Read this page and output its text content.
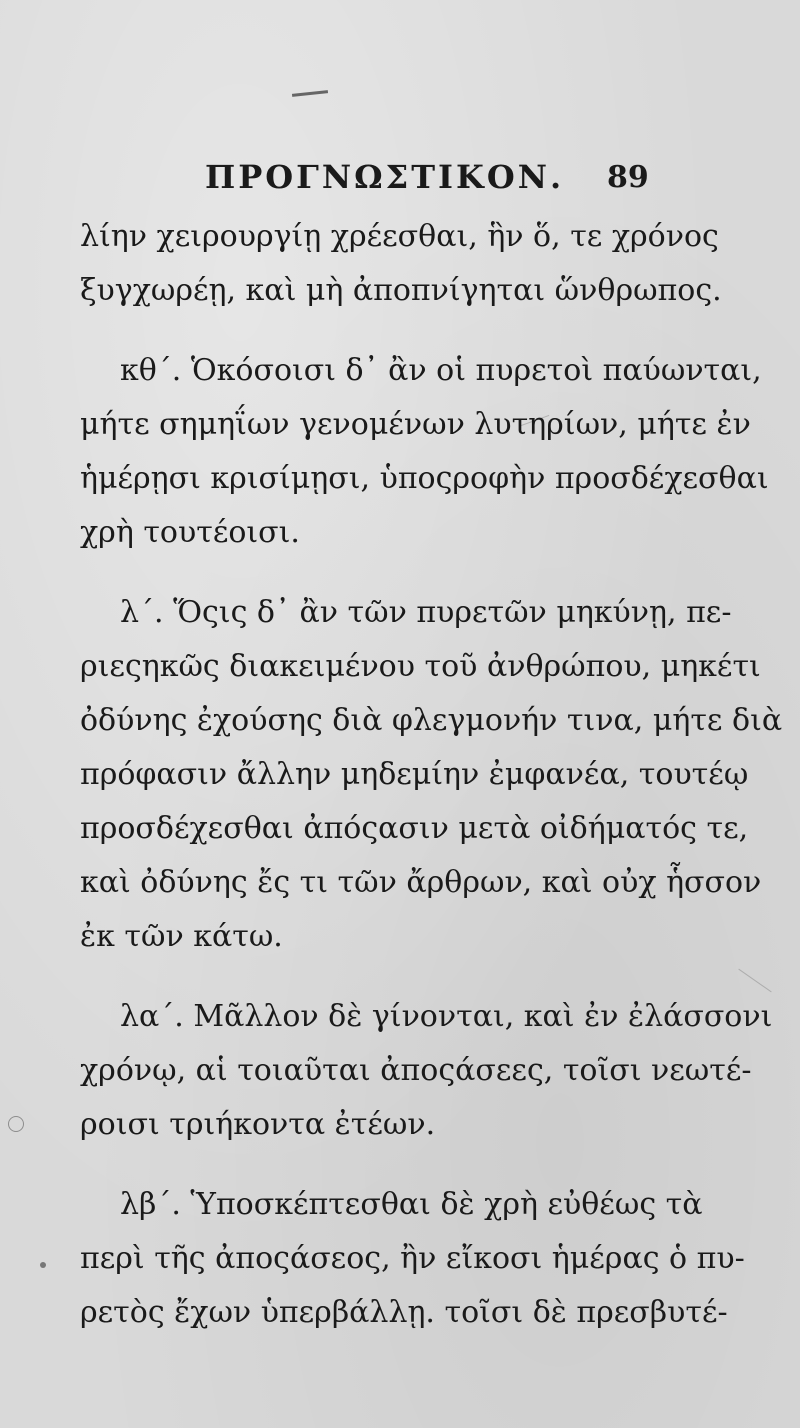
ΠΡΟΓΝΩΣΤΙΚΟΝ. 89
λίην χειρουργίῃ χρέεσθαι, ἣν ὅ, τε χρόνος
ξυγχωρέῃ, καὶ μὴ ἀποπνίγηται ὥνθρωπος.
κθ΄. Ὁκόσοισι δ᾽ ἂν οἱ πυρετοὶ παύωνται,
μήτε σημηΐων γενομένων λυτηρίων, μήτε ἐν
ἡμέρῃσι κρισίμῃσι, ὑποςροφὴν προσδέχεσθαι
χρὴ τουτέοισι.
λ΄. Ὅςις δ᾽ ἂν τῶν πυρετῶν μηκύνῃ, πε-
ριεςηκῶς διακειμένου τοῦ ἀνθρώπου, μηκέτι
ὀδύνης ἐχούσης διὰ φλεγμονήν τινα, μήτε διὰ
πρόφασιν ἄλλην μηδεμίην ἐμφανέα, τουτέῳ
προσδέχεσθαι ἀπόςασιν μετὰ οἰδήματός τε,
καὶ ὀδύνης ἔς τι τῶν ἄρθρων, καὶ οὐχ ἧσσον
ἐκ τῶν κάτω.
λα΄. Μᾶλλον δὲ γίνονται, καὶ ἐν ἐλάσσονι
χρόνῳ, αἱ τοιαῦται ἀποςάσεες, τοῖσι νεωτέ-
ροισι τριήκοντα ἐτέων.
λβ΄. Ὑποσκέπτεσθαι δὲ χρὴ εὐθέως τὰ
περὶ τῆς ἀποςάσεος, ἢν εἴκοσι ἡμέρας ὁ πυ-
ρετὸς ἔχων ὑπερβάλλῃ. τοῖσι δὲ πρεσβυτέ-
